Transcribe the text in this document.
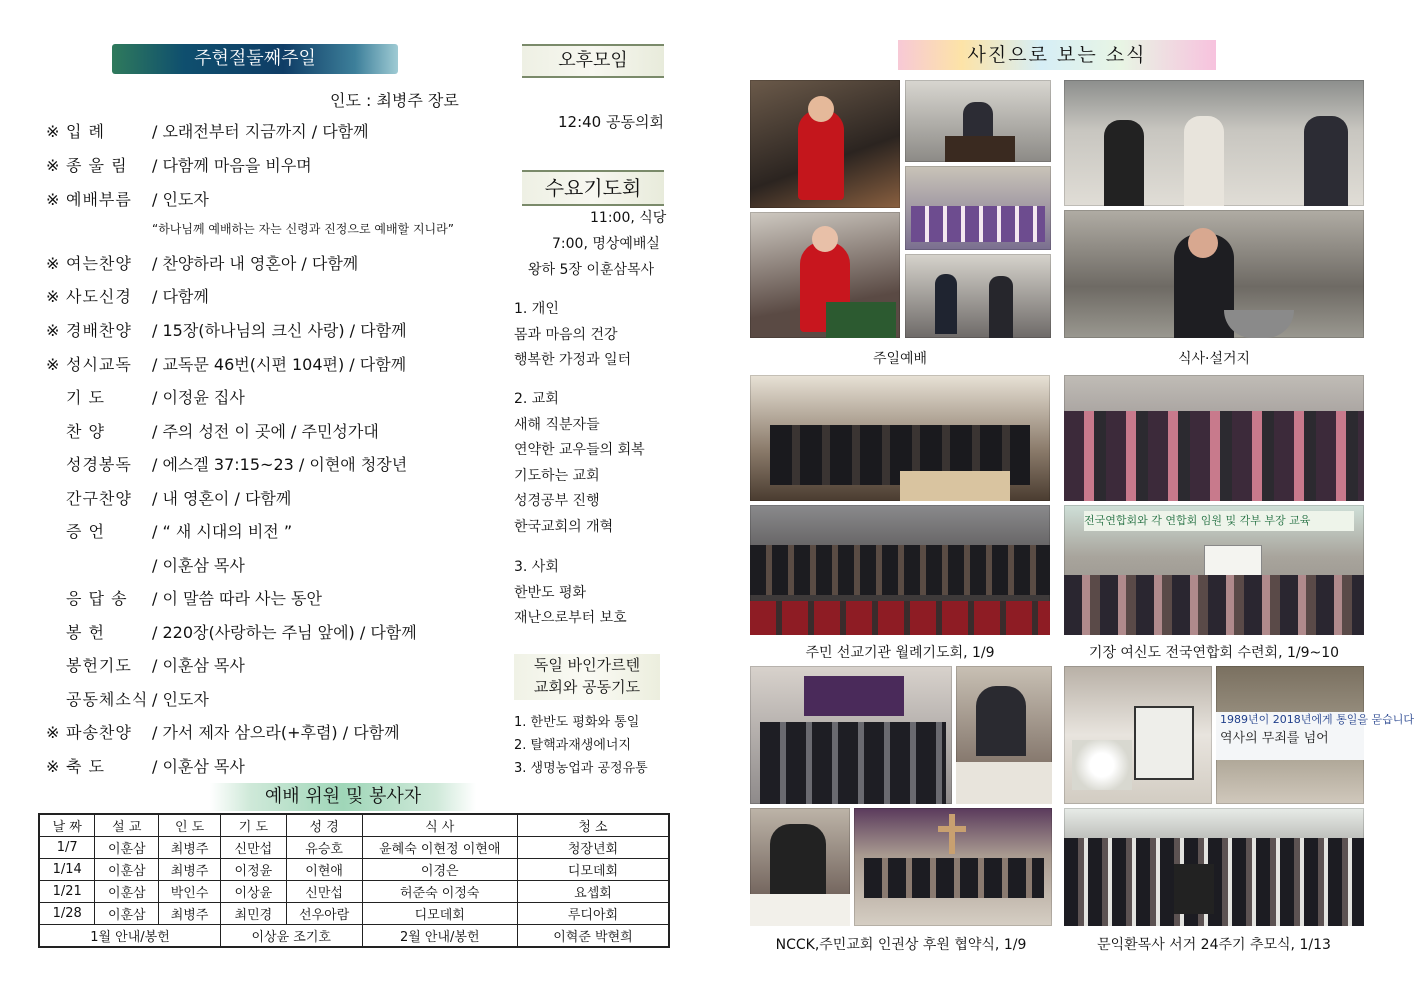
주현절둘째주일
인도 : 최병주 장로
※ 입 례	/ 오래전부터 지금까지 / 다함께
※ 종 울 림	/ 다함께 마음을 비우며
※ 예배부름	/ 인도자
※ 여는찬양	/ 찬양하라 내 영혼아 / 다함께
※ 사도신경	/ 다함께
※ 경배찬양	/ 15장(하나님의 크신 사랑) / 다함께
※ 성시교독	/ 교독문 46번(시편 104편) / 다함께
기 도	/ 이정윤 집사
찬 양	/ 주의 성전 이 곳에 / 주민성가대
성경봉독	/ 에스겔 37:15~23 / 이현애 청장년
간구찬양	/ 내 영혼이 / 다함께
증 언	/ “ 새 시대의 비전 ”
/ 이훈삼 목사
응 답 송	/ 이 말씀 따라 사는 동안
봉 헌	/ 220장(사랑하는 주님 앞에) / 다함께
봉헌기도	/ 이훈삼 목사
공동체소식 / 인도자
※ 파송찬양	/ 가서 제자 삼으라(+후렴) / 다함께
※ 축 도	/ 이훈삼 목사
“하나님께 예배하는 자는 신령과 진정으로 예배할 지니라”
예배 위원 및 봉사자
날 짜	설 교	인 도	기 도	성 경	식 사	청 소
1/7	이훈삼	최병주	신만섭	유승호	윤혜숙 이현정 이현애	청장년회
1/14	이훈삼	최병주	이정윤	이현애	이경은	디모데회
1/21	이훈삼	박인수	이상윤	신만섭	허준숙 이정숙	요셉회
1/28	이훈삼	최병주	최민경	선우아람	디모데회	루디아회
1월 안내/봉헌			이상윤 조기호		2월 안내/봉헌	이혁준 박현희
오후모임
12:40 공동의회
수요기도회
11:00, 식당
7:00, 명상예배실
왕하 5장 이훈삼목사
1. 개인
몸과 마음의 건강
행복한 가정과 일터
2. 교회
새해 직분자들
연약한 교우들의 회복
기도하는 교회
성경공부 진행
한국교회의 개혁
3. 사회
한반도 평화
재난으로부터 보호
독일 바인가르텐
교회와 공동기도
1. 한반도 평화와 통일
2. 탈핵과재생에너지
3. 생명농업과 공정유통
사진으로 보는 소식
주일예배	식사·설거지
전국연합회와 각 연합회 임원 및 각부 부장 교육
주민 선교기관 월례기도회, 1/9	기장 여신도 전국연합회 수련회, 1/9~10
1989년이 2018년에게 통일을 묻습니다
역사의 무죄를 넘어
NCCK,주민교회 인권상 후원 협약식, 1/9	문익환목사 서거 24주기 추모식, 1/13
